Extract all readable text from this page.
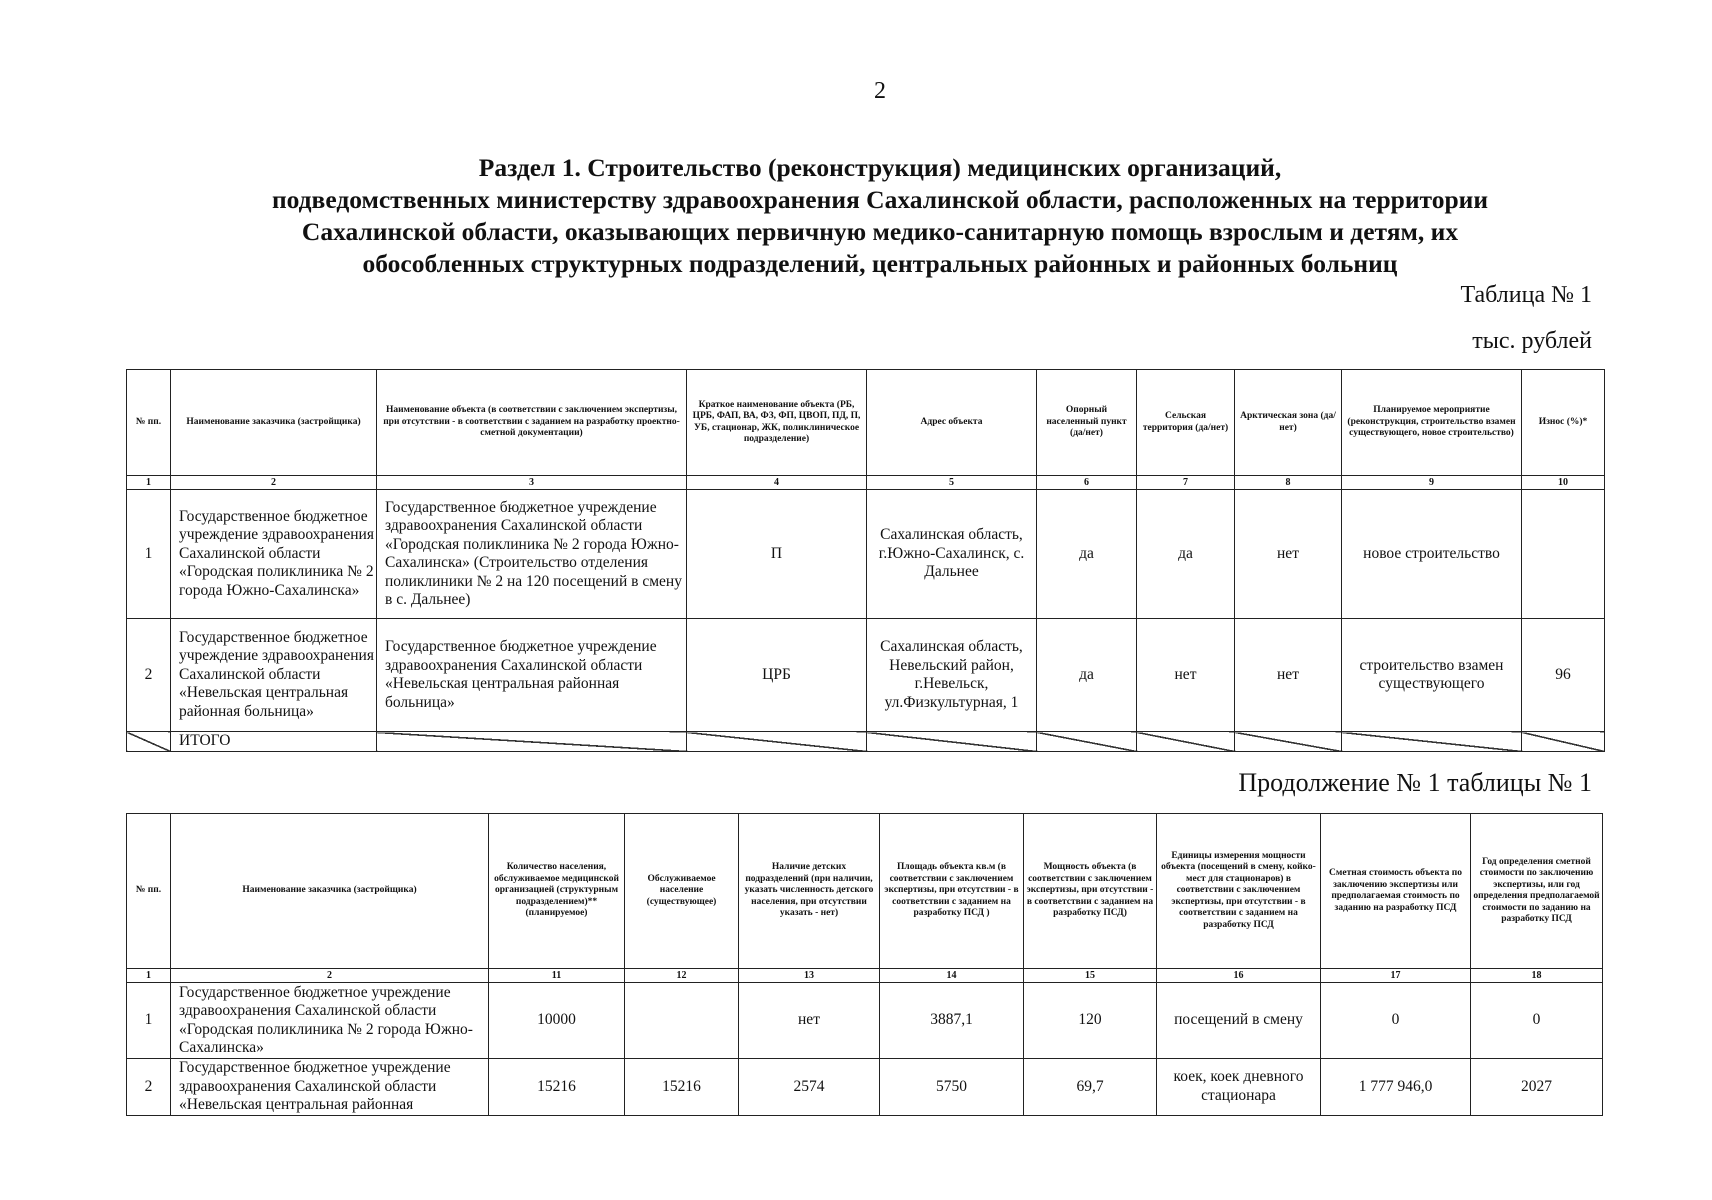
2
Раздел 1. Строительство (реконструкция) медицинских организаций,
подведомственных министерству здравоохранения Сахалинской области, расположенных на территории
Сахалинской области, оказывающих первичную медико-санитарную помощь взрослым и детям, их
обособленных структурных подразделений, центральных районных и районных больниц
Таблица № 1
тыс. рублей
№ пп.	Наименование заказчика (застройщика)	Наименование объекта (в соответствии с заключением экспертизы, при отсутствии - в соответствии с заданием на разработку проектно-сметной документации)	Краткое наименование объекта (РБ, ЦРБ, ФАП, ВА, ФЗ, ФП, ЦВОП, ПД, П, УБ, стационар, ЖК, поликлиническое подразделение)	Адрес объекта	Опорный населенный пункт (да/нет)	Сельская территория (да/нет)	Арктическая зона (да/нет)	Планируемое мероприятие (реконструкция, строительство взамен существующего, новое строительство)	Износ (%)*
1	2	3	4	5	6	7	8	9	10
1	Государственное бюджетное учреждение здравоохранения Сахалинской области «Городская поликлиника № 2 города Южно-Сахалинска»	Государственное бюджетное учреждение здравоохранения Сахалинской области «Городская поликлиника № 2 города Южно-Сахалинска» (Строительство отделения поликлиники № 2 на 120 посещений в смену в с. Дальнее)	П	Сахалинская область, г.Южно-Сахалинск, с. Дальнее	да	да	нет	новое строительство	
2	Государственное бюджетное учреждение здравоохранения Сахалинской области «Невельская центральная районная больница»	Государственное бюджетное учреждение здравоохранения Сахалинской области «Невельская центральная районная больница»	ЦРБ	Сахалинская область, Невельский район, г.Невельск, ул.Физкультурная, 1	да	нет	нет	строительство взамен существующего	96
	ИТОГО								
Продолжение № 1 таблицы № 1
№ пп.	Наименование заказчика (застройщика)	Количество населения, обслуживаемое медицинской организацией (структурным подразделением)** (планируемое)	Обслуживаемое население (существующее)	Наличие детских подразделений (при наличии, указать численность детского населения, при отсутствии указать - нет)	Площадь объекта кв.м (в соответствии с заключением экспертизы, при отсутствии - в соответствии с заданием на разработку ПСД )	Мощность объекта (в соответствии с заключением экспертизы, при отсутствии - в соответствии с заданием на разработку ПСД)	Единицы измерения мощности объекта (посещений в смену, койко-мест для стационаров) в соответствии с заключением экспертизы, при отсутствии - в соответствии с заданием на разработку ПСД	Сметная стоимость объекта по заключению экспертизы или предполагаемая стоимость по заданию на разработку ПСД	Год определения сметной стоимости по заключению экспертизы, или год определения предполагаемой стоимости по заданию на разработку ПСД
1	2	11	12	13	14	15	16	17	18
1	Государственное бюджетное учреждение здравоохранения Сахалинской области «Городская поликлиника № 2 города Южно-Сахалинска»	10000		нет	3887,1	120	посещений в смену	0	0
2	Государственное бюджетное учреждение здравоохранения Сахалинской области «Невельская центральная районная	15216	15216	2574	5750	69,7	коек, коек дневного стационара	1 777 946,0	2027
